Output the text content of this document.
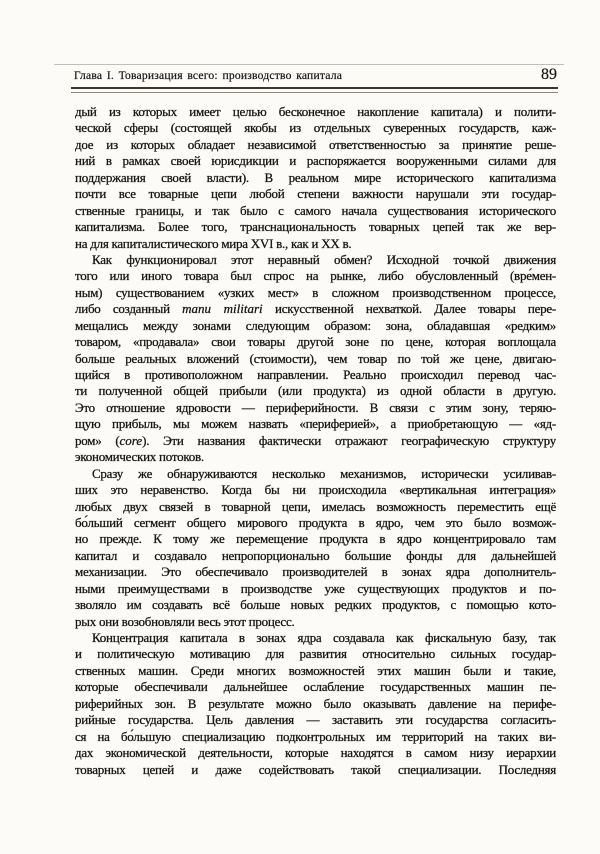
Глава I. Товаризация всего: производство капитала	89
дый из которых имеет целью бесконечное накопление капитала) и полити-
ческой сферы (состоящей якобы из отдельных суверенных государств, каж-
дое из которых обладает независимой ответственностью за принятие реше-
ний в рамках своей юрисдикции и распоряжается вооруженными силами для
поддержания своей власти). В реальном мире исторического капитализма
почти все товарные цепи любой степени важности нарушали эти государ-
ственные границы, и так было с самого начала существования исторического
капитализма. Более того, транснациональность товарных цепей так же вер-
на для капиталистического мира XVI в., как и XX в.
Как функционировал этот неравный обмен? Исходной точкой движения
того или иного товара был спрос на рынке, либо обусловленный (вре́мен-
ным) существованием «узких мест» в сложном производственном процессе,
либо созданный manu militari искусственной нехваткой. Далее товары пере-
мещались между зонами следующим образом: зона, обладавшая «редким»
товаром, «продавала» свои товары другой зоне по цене, которая воплощала
больше реальных вложений (стоимости), чем товар по той же цене, двигаю-
щийся в противоположном направлении. Реально происходил перевод час-
ти полученной общей прибыли (или продукта) из одной области в другую.
Это отношение ядровости — периферийности. В связи с этим зону, теряю-
щую прибыль, мы можем назвать «периферией», а приобретающую — «яд-
ром» (core). Эти названия фактически отражают географическую структуру
экономических потоков.
Сразу же обнаруживаются несколько механизмов, исторически усиливав-
ших это неравенство. Когда бы ни происходила «вертикальная интеграция»
любых двух связей в товарной цепи, имелась возможность переместить ещё
бо́льший сегмент общего мирового продукта в ядро, чем это было возмож-
но прежде. К тому же перемещение продукта в ядро концентрировало там
капитал и создавало непропорционально большие фонды для дальнейшей
механизации. Это обеспечивало производителей в зонах ядра дополнитель-
ными преимуществами в производстве уже существующих продуктов и по-
зволяло им создавать всё больше новых редких продуктов, с помощью кото-
рых они возобновляли весь этот процесс.
Концентрация капитала в зонах ядра создавала как фискальную базу, так
и политическую мотивацию для развития относительно сильных государ-
ственных машин. Среди многих возможностей этих машин были и такие,
которые обеспечивали дальнейшее ослабление государственных машин пе-
риферийных зон. В результате можно было оказывать давление на перифе-
рийные государства. Цель давления — заставить эти государства согласить-
ся на бо́льшую специализацию подконтрольных им территорий на таких ви-
дах экономической деятельности, которые находятся в самом низу иерархии
товарных цепей и даже содействовать такой специализации. Последняя
